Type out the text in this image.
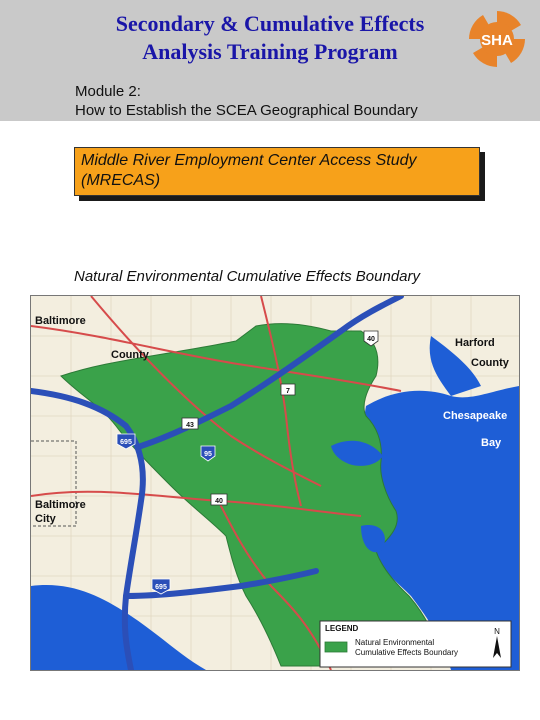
Secondary & Cumulative Effects
Analysis Training Program	SHA
Module 2:
How to Establish the SCEA Geographical Boundary
Middle River Employment Center Access Study
(MRECAS)
Natural Environmental Cumulative Effects Boundary
Baltimore
County
Harford
County
Chesapeake
Bay
Baltimore
City
40
7
43
95
695
40
695
LEGEND
Natural Environmental
Cumulative Effects Boundary
N
